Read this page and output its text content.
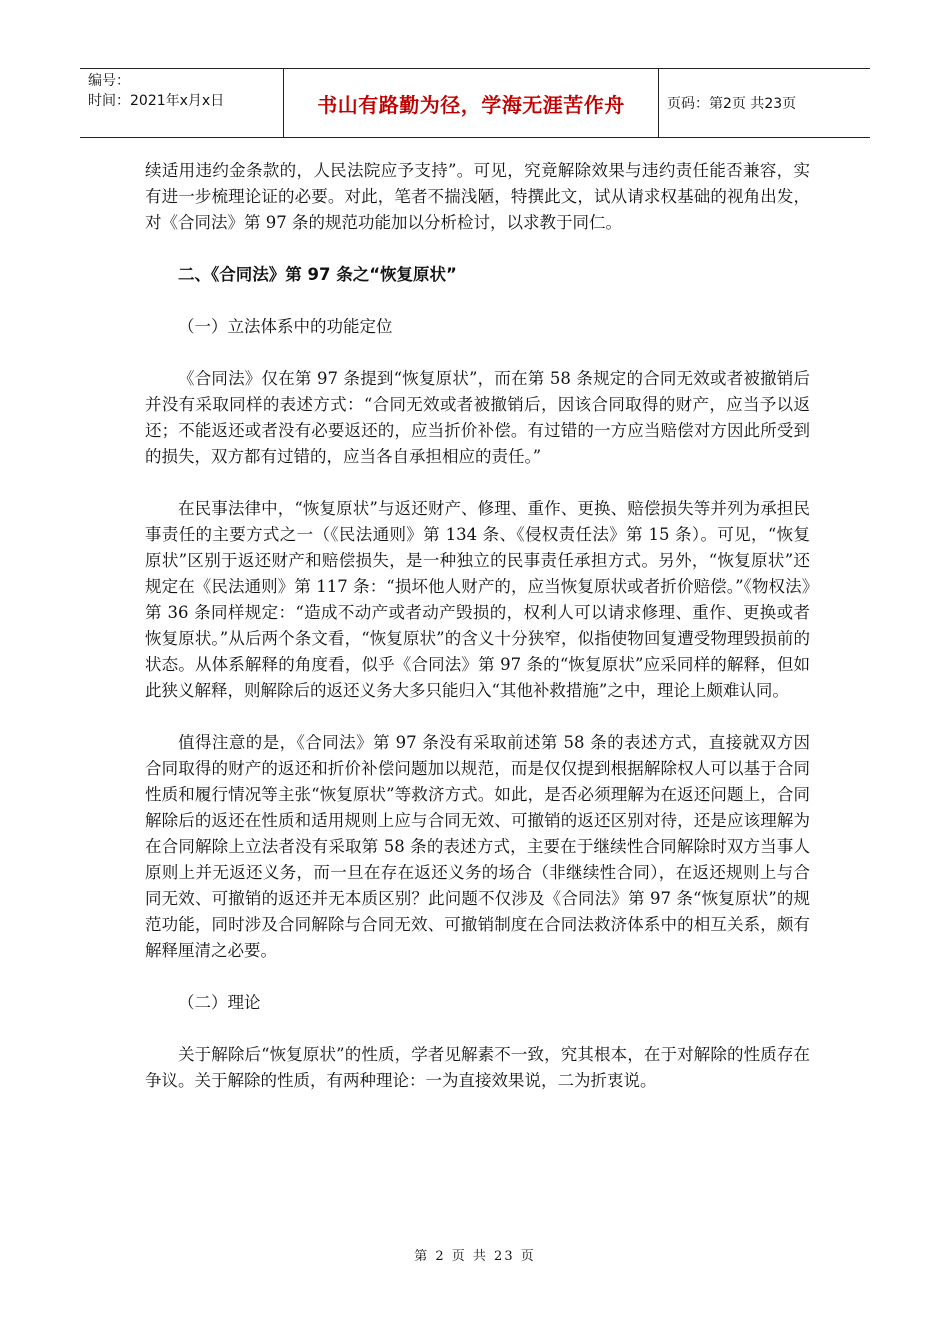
编号：
时间：2021年x月x日	书山有路勤为径，学海无涯苦作舟	页码：第2页 共23页

续适用违约金条款的，人民法院应予支持”。可见，究竟解除效果与违约责任能否兼容，实有进一步梳理论证的必要。对此，笔者不揣浅陋，特撰此文，试从请求权基础的视角出发，对《合同法》第 97 条的规范功能加以分析检讨，以求教于同仁。

二、《合同法》第 97 条之“恢复原状”

（一）立法体系中的功能定位

《合同法》仅在第 97 条提到“恢复原状”，而在第 58 条规定的合同无效或者被撤销后并没有采取同样的表述方式：“合同无效或者被撤销后，因该合同取得的财产，应当予以返还；不能返还或者没有必要返还的，应当折价补偿。有过错的一方应当赔偿对方因此所受到的损失，双方都有过错的，应当各自承担相应的责任。”

在民事法律中，“恢复原状”与返还财产、修理、重作、更换、赔偿损失等并列为承担民事责任的主要方式之一（《民法通则》第 134 条、《侵权责任法》第 15 条）。可见，“恢复原状”区别于返还财产和赔偿损失，是一种独立的民事责任承担方式。另外，“恢复原状”还规定在《民法通则》第 117 条：“损坏他人财产的，应当恢复原状或者折价赔偿。”《物权法》第 36 条同样规定：“造成不动产或者动产毁损的，权利人可以请求修理、重作、更换或者恢复原状。”从后两个条文看，“恢复原状”的含义十分狭窄，似指使物回复遭受物理毁损前的状态。从体系解释的角度看，似乎《合同法》第 97 条的“恢复原状”应采同样的解释，但如此狭义解释，则解除后的返还义务大多只能归入“其他补救措施”之中，理论上颇难认同。

值得注意的是，《合同法》第 97 条没有采取前述第 58 条的表述方式，直接就双方因合同取得的财产的返还和折价补偿问题加以规范，而是仅仅提到根据解除权人可以基于合同性质和履行情况等主张“恢复原状”等救济方式。如此，是否必须理解为在返还问题上，合同解除后的返还在性质和适用规则上应与合同无效、可撤销的返还区别对待，还是应该理解为在合同解除上立法者没有采取第 58 条的表述方式，主要在于继续性合同解除时双方当事人原则上并无返还义务，而一旦在存在返还义务的场合（非继续性合同），在返还规则上与合同无效、可撤销的返还并无本质区别？此问题不仅涉及《合同法》第 97 条“恢复原状”的规范功能，同时涉及合同解除与合同无效、可撤销制度在合同法救济体系中的相互关系，颇有解释厘清之必要。

（二）理论

关于解除后“恢复原状”的性质，学者见解素不一致，究其根本，在于对解除的性质存在争议。关于解除的性质，有两种理论：一为直接效果说，二为折衷说。

第 2 页 共 23 页
